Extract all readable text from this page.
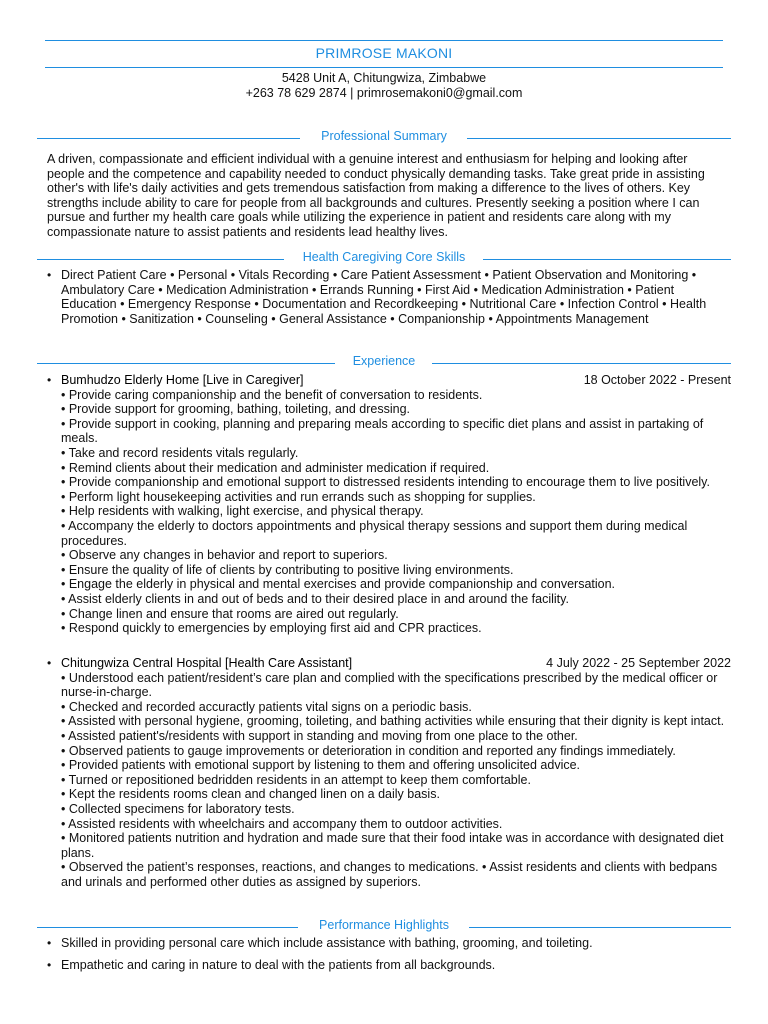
PRIMROSE MAKONI
5428 Unit A, Chitungwiza, Zimbabwe
+263 78 629 2874 | primrosemakoni0@gmail.com
Professional Summary
A driven, compassionate and efficient individual with a genuine interest and enthusiasm for helping and looking after people and the competence and capability needed to conduct physically demanding tasks. Take great pride in assisting other's with life's daily activities and gets tremendous satisfaction from making a difference to the lives of others. Key strengths include ability to care for people from all backgrounds and cultures. Presently seeking a position where I can pursue and further my health care goals while utilizing the experience in patient and residents care along with my compassionate nature to assist patients and residents lead healthy lives.
Health Caregiving Core Skills
• Direct Patient Care • Personal • Vitals Recording • Care Patient Assessment • Patient Observation and Monitoring • Ambulatory Care • Medication Administration • Errands Running • First Aid • Medication Administration • Patient Education • Emergency Response • Documentation and Recordkeeping • Nutritional Care • Infection Control • Health Promotion • Sanitization • Counseling • General Assistance • Companionship • Appointments Management
Experience
• Bumhudzo Elderly Home [Live in Caregiver]	18 October 2022 - Present
• Provide caring companionship and the benefit of conversation to residents.
• Provide support for grooming, bathing, toileting, and dressing.
• Provide support in cooking, planning and preparing meals according to specific diet plans and assist in partaking of meals.
• Take and record residents vitals regularly.
• Remind clients about their medication and administer medication if required.
• Provide companionship and emotional support to distressed residents intending to encourage them to live positively.
• Perform light housekeeping activities and run errands such as shopping for supplies.
• Help residents with walking, light exercise, and physical therapy.
• Accompany the elderly to doctors appointments and physical therapy sessions and support them during medical procedures.
• Observe any changes in behavior and report to superiors.
• Ensure the quality of life of clients by contributing to positive living environments.
• Engage the elderly in physical and mental exercises and provide companionship and conversation.
• Assist elderly clients in and out of beds and to their desired place in and around the facility.
• Change linen and ensure that rooms are aired out regularly.
• Respond quickly to emergencies by employing first aid and CPR practices.
• Chitungwiza Central Hospital [Health Care Assistant]	4 July 2022 - 25 September 2022
• Understood each patient/resident’s care plan and complied with the specifications prescribed by the medical officer or nurse-in-charge.
• Checked and recorded accuractly patients vital signs on a periodic basis.
• Assisted with personal hygiene, grooming, toileting, and bathing activities while ensuring that their dignity is kept intact.
• Assisted patient's/residents with support in standing and moving from one place to the other.
• Observed patients to gauge improvements or deterioration in condition and reported any findings immediately.
• Provided patients with emotional support by listening to them and offering unsolicited advice.
• Turned or repositioned bedridden residents in an attempt to keep them comfortable.
• Kept the residents rooms clean and changed linen on a daily basis.
• Collected specimens for laboratory tests.
• Assisted residents with wheelchairs and accompany them to outdoor activities.
• Monitored patients nutrition and hydration and made sure that their food intake was in accordance with designated diet plans.
• Observed the patient’s responses, reactions, and changes to medications. • Assist residents and clients with bedpans and urinals and performed other duties as assigned by superiors.
Performance Highlights
• Skilled in providing personal care which include assistance with bathing, grooming, and toileting.
• Empathetic and caring in nature to deal with the patients from all backgrounds.
